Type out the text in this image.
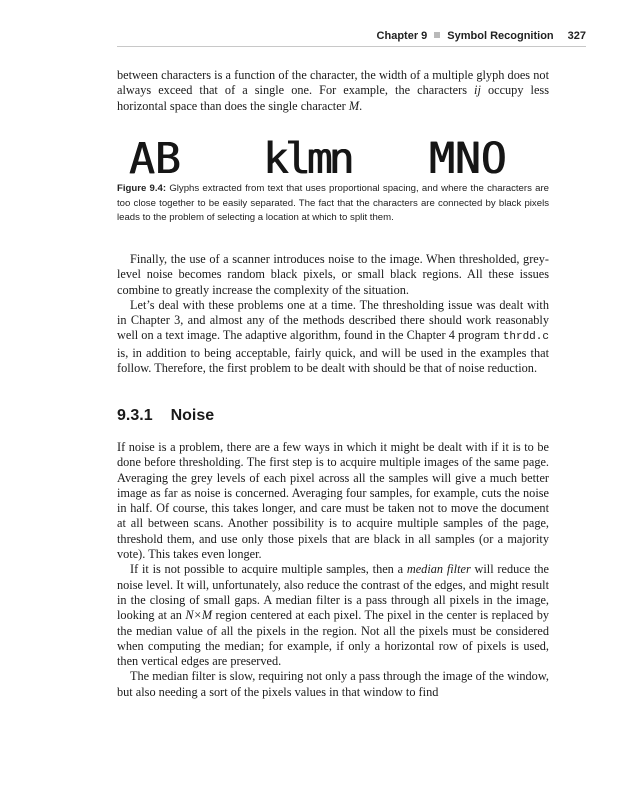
Chapter 9 Symbol Recognition 327

between characters is a function of the character, the width of a multiple glyph does not always exceed that of a single one. For example, the characters ij occupy less horizontal space than does the single character M.

AB klmn MNO
Figure 9.4: Glyphs extracted from text that uses proportional spacing, and where the characters are too close together to be easily separated. The fact that the characters are connected by black pixels leads to the problem of selecting a location at which to split them.

Finally, the use of a scanner introduces noise to the image. When thresholded, grey-level noise becomes random black pixels, or small black regions. All these issues combine to greatly increase the complexity of the situation.

Let’s deal with these problems one at a time. The thresholding issue was dealt with in Chapter 3, and almost any of the methods described there should work reasonably well on a text image. The adaptive algorithm, found in the Chapter 4 program thrdd.c is, in addition to being acceptable, fairly quick, and will be used in the examples that follow. Therefore, the first problem to be dealt with should be that of noise reduction.

9.3.1 Noise

If noise is a problem, there are a few ways in which it might be dealt with if it is to be done before thresholding. The first step is to acquire multiple images of the same page. Averaging the grey levels of each pixel across all the samples will give a much better image as far as noise is concerned. Averaging four samples, for example, cuts the noise in half. Of course, this takes longer, and care must be taken not to move the document at all between scans. Another possibility is to acquire multiple samples of the page, threshold them, and use only those pixels that are black in all samples (or a majority vote). This takes even longer.

If it is not possible to acquire multiple samples, then a median filter will reduce the noise level. It will, unfortunately, also reduce the contrast of the edges, and might result in the closing of small gaps. A median filter is a pass through all pixels in the image, looking at an N×M region centered at each pixel. The pixel in the center is replaced by the median value of all the pixels in the region. Not all the pixels must be considered when computing the median; for example, if only a horizontal row of pixels is used, then vertical edges are preserved.

The median filter is slow, requiring not only a pass through the image of the window, but also needing a sort of the pixels values in that window to find
